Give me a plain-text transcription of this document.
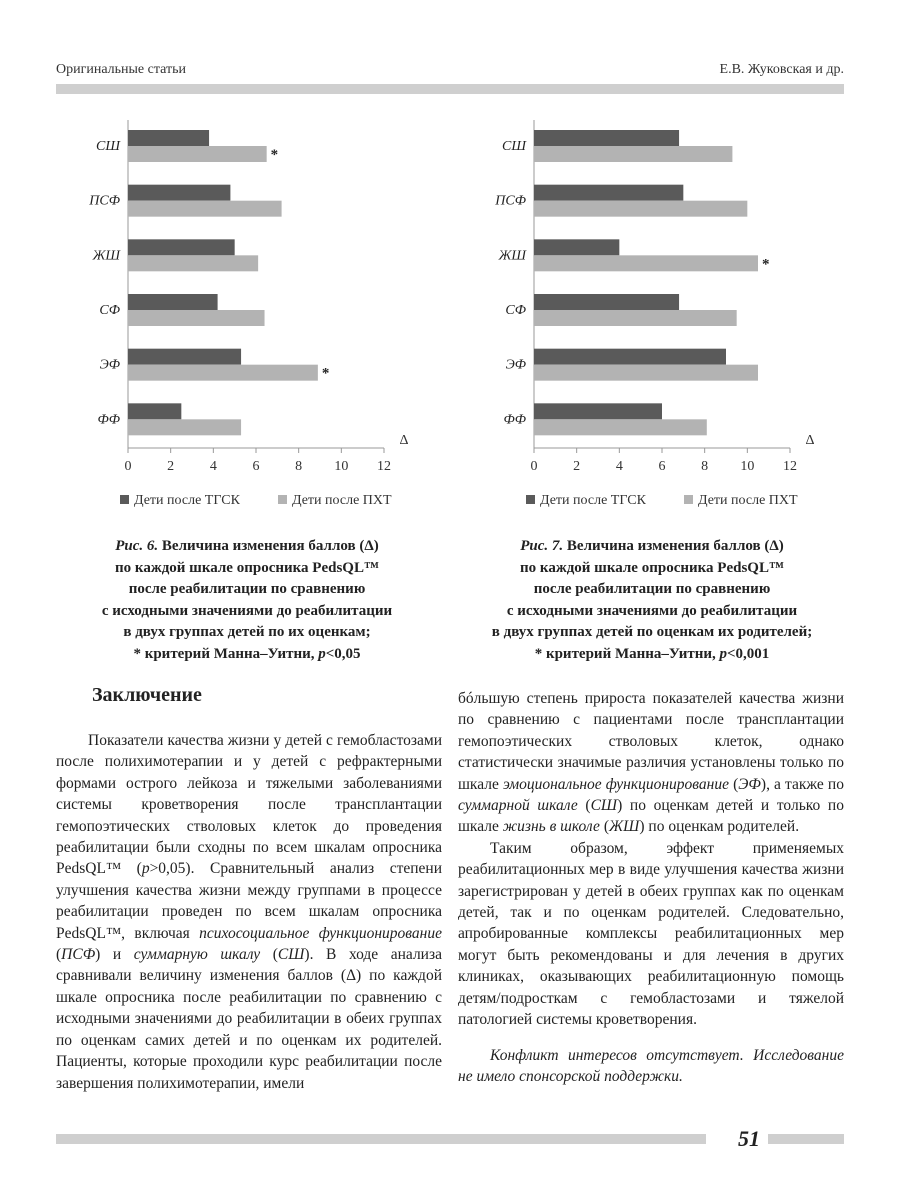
Оригинальные статьи	Е.В. Жуковская и др.
0	2	4	6	8 10 12
Δ
СШ
*
ПСФ
ЖШ
СФ
ЭФ
*
ФФ
Дети после ТГСК	Дети после ПХТ
0	2	4	6	8 10 12
Δ
СШ
ПСФ
ЖШ
*
СФ
ЭФ
ФФ
Дети после ТГСК	Дети после ПХТ
Рис. 6. Величина изменения баллов (Δ)
по каждой шкале опросника PedsQL™
после реабилитации по сравнению
с исходными значениями до реабилитации
в двух группах детей по их оценкам;
* критерий Манна–Уитни, p<0,05
Рис. 7. Величина изменения баллов (Δ)
по каждой шкале опросника PedsQL™
после реабилитации по сравнению
с исходными значениями до реабилитации
в двух группах детей по оценкам их родителей;
* критерий Манна–Уитни, p<0,001
Заключение

Показатели качества жизни у детей с гемобластозами после полихимотерапии и у детей с рефрактерными формами острого лейкоза и тяжелыми заболеваниями системы кроветворения после трансплантации гемопоэтических стволовых клеток до проведения реабилитации были сходны по всем шкалам опросника PedsQL™ (р>0,05). Сравнительный анализ степени улучшения качества жизни между группами в процессе реабилитации проведен по всем шкалам опросника PedsQL™, включая психосоциальное функционирование (ПСФ) и суммарную шкалу (СШ). В ходе анализа сравнивали величину изменения баллов (Δ) по каждой шкале опросника после реабилитации по сравнению с исходными значениями до реабилитации в обеих группах по оценкам самих детей и по оценкам их родителей. Пациенты, которые проходили курс реабилитации после завершения полихимотерапии, имели

бóльшую степень прироста показателей качества жизни по сравнению с пациентами после трансплантации гемопоэтических стволовых клеток, однако статистически значимые различия установлены только по шкале эмоциональное функционирование (ЭФ), а также по суммарной шкале (СШ) по оценкам детей и только по шкале жизнь в школе (ЖШ) по оценкам родителей.

Таким образом, эффект применяемых реабилитационных мер в виде улучшения качества жизни зарегистрирован у детей в обеих группах как по оценкам детей, так и по оценкам родителей. Следовательно, апробированные комплексы реабилитационных мер могут быть рекомендованы и для лечения в других клиниках, оказывающих реабилитационную помощь детям/подросткам с гемобластозами и тяжелой патологией системы кроветворения.

Конфликт интересов отсутствует. Исследование не имело спонсорской поддержки.

51
